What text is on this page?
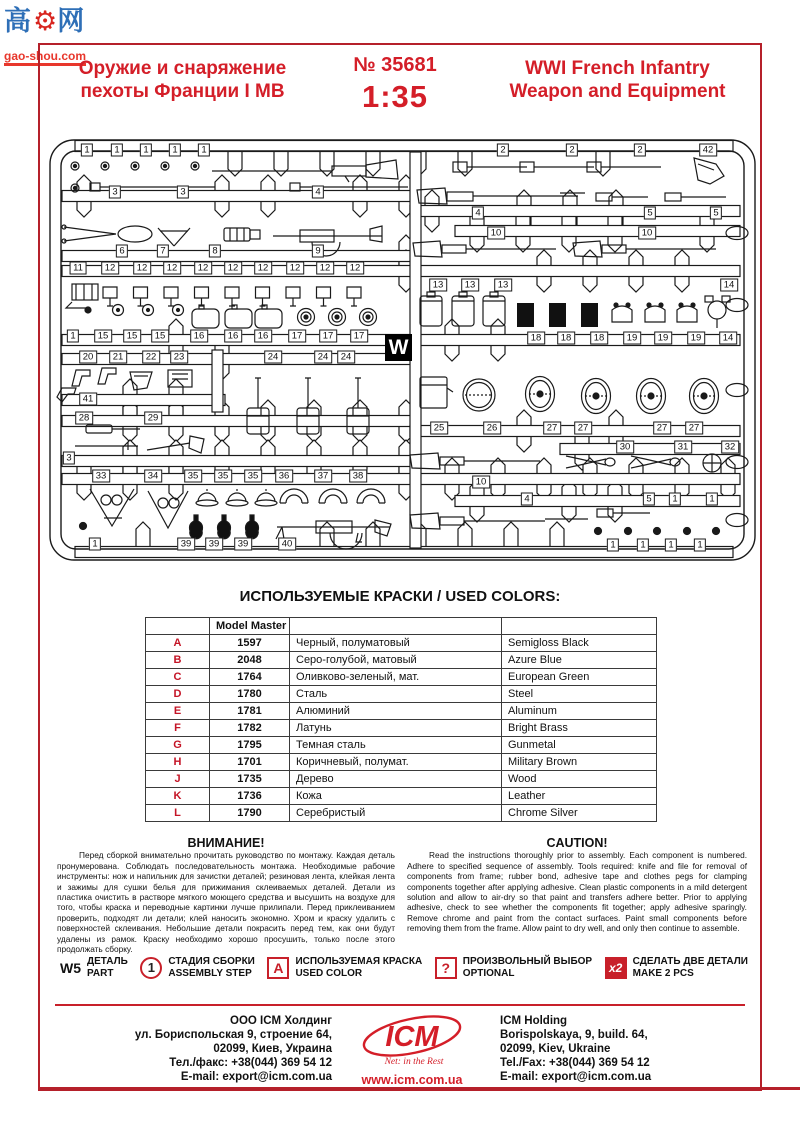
高⚙网
gao-shou.com
Оружие и снаряжение
пехоты Франции І МВ
№ 35681
1:35
WWI French Infantry
Weapon and Equipment
W
1	1	1	1	1	2	2	2	42
3	3	4
4	5	5
10	10
6	7	8	9
11	12	12	12	12	12	12	12	12	12
13	13	13	14
1	15	15	15	16	16	16	17	17	17	18	18	18	19	19	19	14
20	21	22	23	24	24	24
41
28	29
25	26	27	27	27	27
30	31	32
3
33	34	35	35	35	36	37	38
10
4	5	1	1
1	39	39	39	40	1	1	1	1
ИСПОЛЬЗУЕМЫЕ КРАСКИ / USED COLORS:
	Model Master		
A	1597	Черный, полуматовый	Semigloss Black
B	2048	Серо-голубой, матовый	Azure Blue
C	1764	Оливково-зеленый, мат.	European Green
D	1780	Сталь	Steel
E	1781	Алюминий	Aluminum
F	1782	Латунь	Bright Brass
G	1795	Темная сталь	Gunmetal
H	1701	Коричневый, полумат.	Military Brown
J	1735	Дерево	Wood
K	1736	Кожа	Leather
L	1790	Серебристый	Chrome Silver
ВНИМАНИЕ!
Перед сборкой внимательно прочитать руководство по монтажу. Каждая деталь пронумерована. Соблюдать последовательность монтажа. Необходимые рабочие инструменты: нож и напильник для зачистки деталей; резиновая лента, клейкая лента и зажимы для сушки белья для прижимания склеиваемых деталей. Детали из пластика очистить в растворе мягкого моющего средства и высушить на воздухе для того, чтобы краска и переводные картинки лучше прилипали. Перед приклеиванием проверить, подходят ли детали; клей наносить экономно. Хром и краску удалить с поверхностей склеивания. Небольшие детали покрасить перед тем, как они будут удалены из рамок. Краску необходимо хорошо просушить, только после этого продолжать сборку.
CAUTION!
Read the instructions thoroughly prior to assembly. Each component is numbered. Adhere to specified sequence of assembly. Tools required: knife and file for removal of components from frame; rubber bond, adhesive tape and clothes pegs for clamping components together after applying adhesive. Clean plastic components in a mild detergent solution and allow to air-dry so that paint and transfers adhere better. Prior to applying adhesive, check to see whether the components fit together; apply adhesive sparingly. Remove chrome and paint from the contact surfaces. Paint small components before removing them from the frame. Allow paint to dry well, and only then continue to assemble.
W5 ДЕТАЛЬ
PART	1	СТАДИЯ СБОРКИ
ASSEMBLY STEP	A	ИСПОЛЬЗУЕМАЯ КРАСКА
USED COLOR	?	ПРОИЗВОЛЬНЫЙ ВЫБОР
OPTIONAL	x2	СДЕЛАТЬ ДВЕ ДЕТАЛИ
MAKE 2 PCS
ООО ICM Холдинг
ул. Бориспольская 9, строение 64,
02099, Киев, Украина
Тел./факс: +38(044) 369 54 12
E-mail: export@icm.com.ua
ICM
Net: in the Rest
www.icm.com.ua
ICM Holding
Borispolskaya, 9, build. 64,
02099, Kiev, Ukraine
Tel./Fax: +38(044) 369 54 12
E-mail: export@icm.com.ua
